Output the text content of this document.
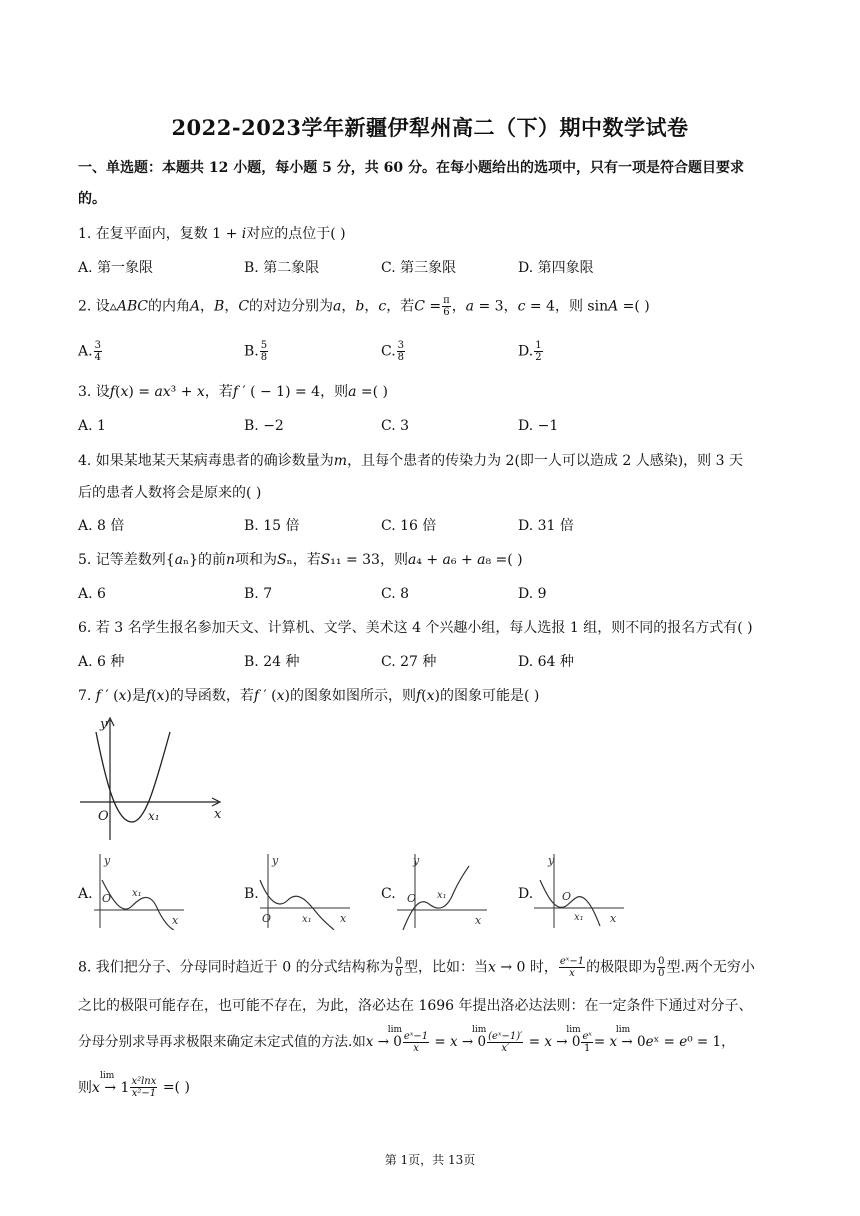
2022-2023学年新疆伊犁州高二（下）期中数学试卷
一、单选题：本题共 12 小题，每小题 5 分，共 60 分。在每小题给出的选项中，只有一项是符合题目要求
的。
1. 在复平面内，复数 1 + 𝑖对应的点位于( )
A. 第一象限	B. 第二象限	C. 第三象限	D. 第四象限
2. 设▵𝐴𝐵𝐶的内角𝐴，𝐵，𝐶的对边分别为𝑎，𝑏，𝑐，若𝐶 = $\frac{\pi}{6}$ ，𝑎 = 3，𝑐 = 4，则 sin𝐴 =( )
A. $\frac{3}{4}$	B. $\frac{5}{8}$	C. $\frac{3}{8}$	D. $\frac{1}{2}$
3. 设𝑓(𝑥) = 𝑎𝑥³ + 𝑥，若𝑓 ′ ( − 1) = 4，则𝑎 =( )
A. 1	B. −2	C. 3	D. −1
4. 如果某地某天某病毒患者的确诊数量为𝑚，且每个患者的传染力为 2(即一人可以造成 2 人感染)，则 3 天
后的患者人数将会是原来的( )
A. 8 倍	B. 15 倍	C. 16 倍	D. 31 倍
5. 记等差数列{𝑎ₙ}的前𝑛项和为𝑆ₙ，若𝑆₁₁ = 33，则𝑎₄ + 𝑎₆ + 𝑎₈ =( )
A. 6	B. 7	C. 8	D. 9
6. 若 3 名学生报名参加天文、计算机、文学、美术这 4 个兴趣小组，每人选报 1 组，则不同的报名方式有( )
A. 6 种	B. 24 种	C. 27 种	D. 64 种
7. 𝑓 ′ (𝑥)是𝑓(𝑥)的导函数，若𝑓 ′ (𝑥)的图象如图所示，则𝑓(𝑥)的图象可能是( )
y
O	x₁	x
A.
y
O x₁
x
B.
y
O	x₁	x
C.
y
O x₁
x
D.
y
O
x₁ x
8. 我们把分子、分母同时趋近于 0 的分式结构称为 $\frac{0}{0}$ 型，比如：当𝑥 → 0 时， $\frac{\text{eˣ−1}}{x}$ 的极限即为 $\frac{0}{0}$ 型.两个无穷小
之比的极限可能存在，也可能不存在，为此，洛必达在 1696 年提出洛必达法则：在一定条件下通过对分子、
分母分别求导再求极限来确定未定式值的方法.如
lim
𝑥 → $0 \frac{\text{eˣ−1}}{x}$ =
lim
𝑥 → $0 \frac{\text{(eˣ−1)′}}{x'}$ =
lim
𝑥 → $0 \frac{\text{eˣ}}{1}$
lim
= 𝑥 → 0𝑒ˣ = 𝑒⁰ = 1，
lim
则𝑥 → $1 \frac{\text{x²lnx}}{\text{x²−1}}$ =( )
第 1页，共 13页
